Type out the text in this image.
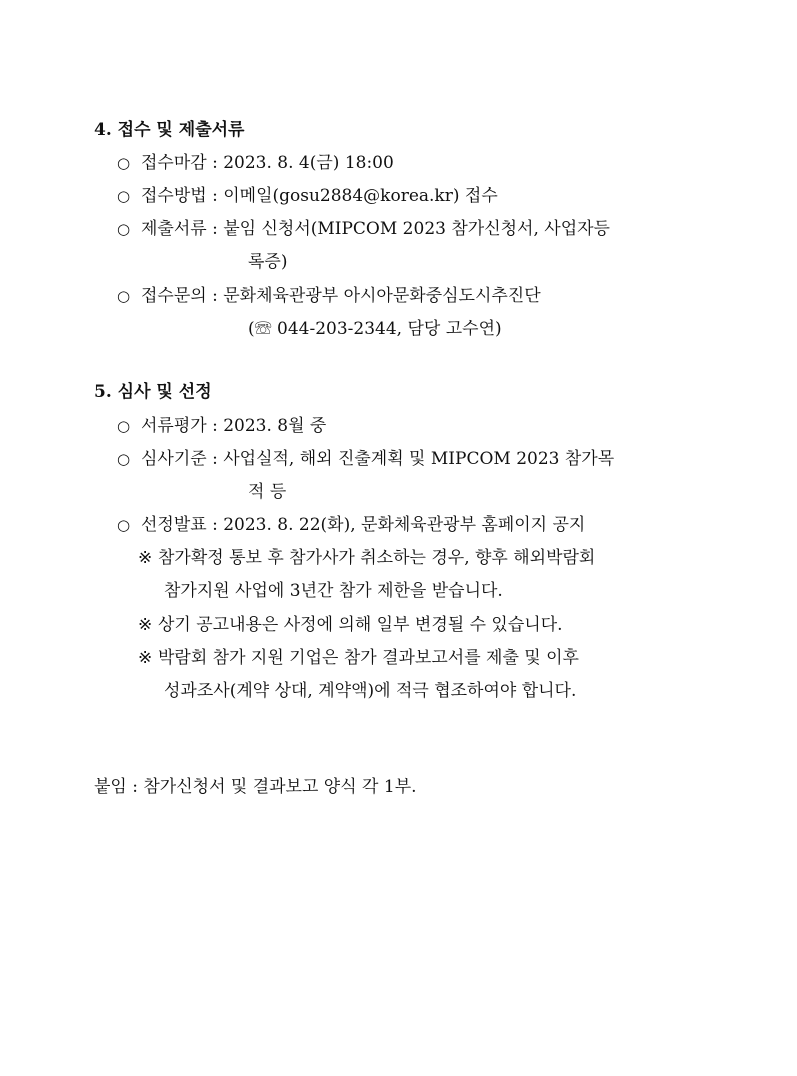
4. 접수 및 제출서류
○ 접수마감 : 2023. 8. 4(금) 18:00
○ 접수방법 : 이메일(gosu2884@korea.kr) 접수
○ 제출서류 : 붙임 신청서(MIPCOM 2023 참가신청서, 사업자등
록증)
○ 접수문의 : 문화체육관광부 아시아문화중심도시추진단
(☏ 044-203-2344, 담당 고수연)
5. 심사 및 선정
○ 서류평가 : 2023. 8월 중
○ 심사기준 : 사업실적, 해외 진출계획 및 MIPCOM 2023 참가목
적 등
○ 선정발표 : 2023. 8. 22(화), 문화체육관광부 홈페이지 공지
※ 참가확정 통보 후 참가사가 취소하는 경우, 향후 해외박람회
참가지원 사업에 3년간 참가 제한을 받습니다.
※ 상기 공고내용은 사정에 의해 일부 변경될 수 있습니다.
※ 박람회 참가 지원 기업은 참가 결과보고서를 제출 및 이후
성과조사(계약 상대, 계약액)에 적극 협조하여야 합니다.
붙임 : 참가신청서 및 결과보고 양식 각 1부.
